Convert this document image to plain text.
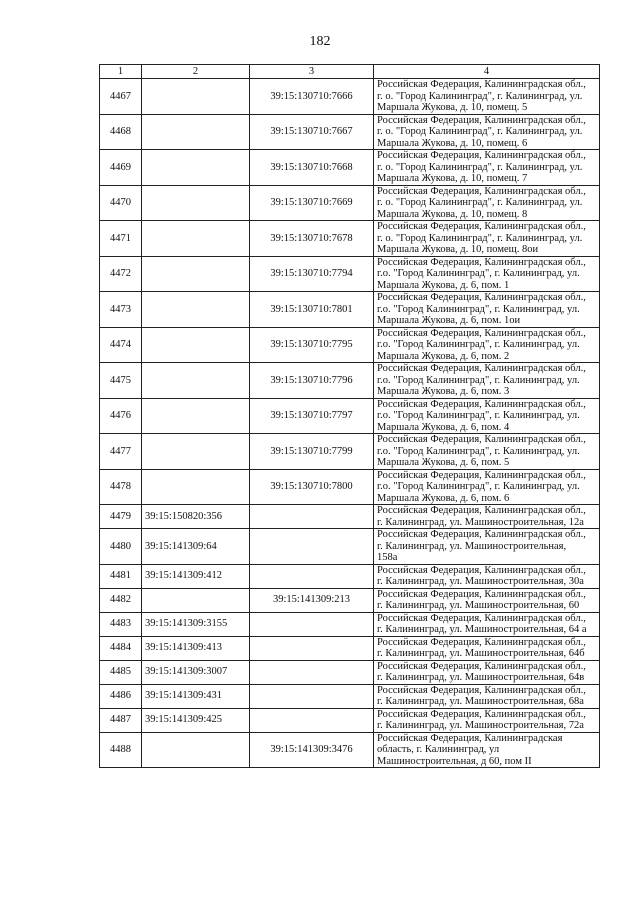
182
1	2	3	4
4467		39:15:130710:7666	Российская Федерация, Калининградская обл.,
г. о. "Город Калининград", г. Калининград, ул.
Маршала Жукова, д. 10, помещ. 5

4468		39:15:130710:7667	Российская Федерация, Калининградская обл.,
г. о. "Город Калининград", г. Калининград, ул.
Маршала Жукова, д. 10, помещ. 6

4469		39:15:130710:7668	Российская Федерация, Калининградская обл.,
г. о. "Город Калининград", г. Калининград, ул.
Маршала Жукова, д. 10, помещ. 7

4470		39:15:130710:7669	Российская Федерация, Калининградская обл.,
г. о. "Город Калининград", г. Калининград, ул.
Маршала Жукова, д. 10, помещ. 8

4471		39:15:130710:7678	Российская Федерация, Калининградская обл.,
г. о. "Город Калининград", г. Калининград, ул.
Маршала Жукова, д. 10, помещ. 8ои

4472		39:15:130710:7794	Российская Федерация, Калининградская обл.,
г.о. "Город Калининград", г. Калининград, ул.
Маршала Жукова, д. 6, пом. 1

4473		39:15:130710:7801	Российская Федерация, Калининградская обл.,
г.о. "Город Калининград", г. Калининград, ул.
Маршала Жукова, д. 6, пом. 1ои

4474		39:15:130710:7795	Российская Федерация, Калининградская обл.,
г.о. "Город Калининград", г. Калининград, ул.
Маршала Жукова, д. 6, пом. 2

4475		39:15:130710:7796	Российская Федерация, Калининградская обл.,
г.о. "Город Калининград", г. Калининград, ул.
Маршала Жукова, д. 6, пом. 3

4476		39:15:130710:7797	Российская Федерация, Калининградская обл.,
г.о. "Город Калининград", г. Калининград, ул.
Маршала Жукова, д. 6, пом. 4

4477		39:15:130710:7799	Российская Федерация, Калининградская обл.,
г.о. "Город Калининград", г. Калининград, ул.
Маршала Жукова, д. 6, пом. 5

4478		39:15:130710:7800	Российская Федерация, Калининградская обл.,
г.о. "Город Калининград", г. Калининград, ул.
Маршала Жукова, д. 6, пом. 6

4479	39:15:150820:356		Российская Федерация, Калининградская обл.,
г. Калининград, ул. Машиностроительная, 12а

4480	39:15:141309:64		Российская Федерация, Калининградская обл.,
г. Калининград, ул. Машиностроительная,
158а

4481	39:15:141309:412		Российская Федерация, Калининградская обл.,
г. Калининград, ул. Машиностроительная, 30а

4482		39:15:141309:213	Российская Федерация, Калининградская обл.,
г. Калининград, ул. Машиностроительная, 60

4483	39:15:141309:3155		Российская Федерация, Калининградская обл.,
г. Калининград, ул. Машиностроительная, 64 а

4484	39:15:141309:413		Российская Федерация, Калининградская обл.,
г. Калининград, ул. Машиностроительная, 64б

4485	39:15:141309:3007		Российская Федерация, Калининградская обл.,
г. Калининград, ул. Машиностроительная, 64в

4486	39:15:141309:431		Российская Федерация, Калининградская обл.,
г. Калининград, ул. Машиностроительная, 68а

4487	39:15:141309:425		Российская Федерация, Калининградская обл.,
г. Калининград, ул. Машиностроительная, 72а

4488		39:15:141309:3476	Российская Федерация, Калининградская
область, г. Калининград, ул
Машиностроительная, д 60, пом II
